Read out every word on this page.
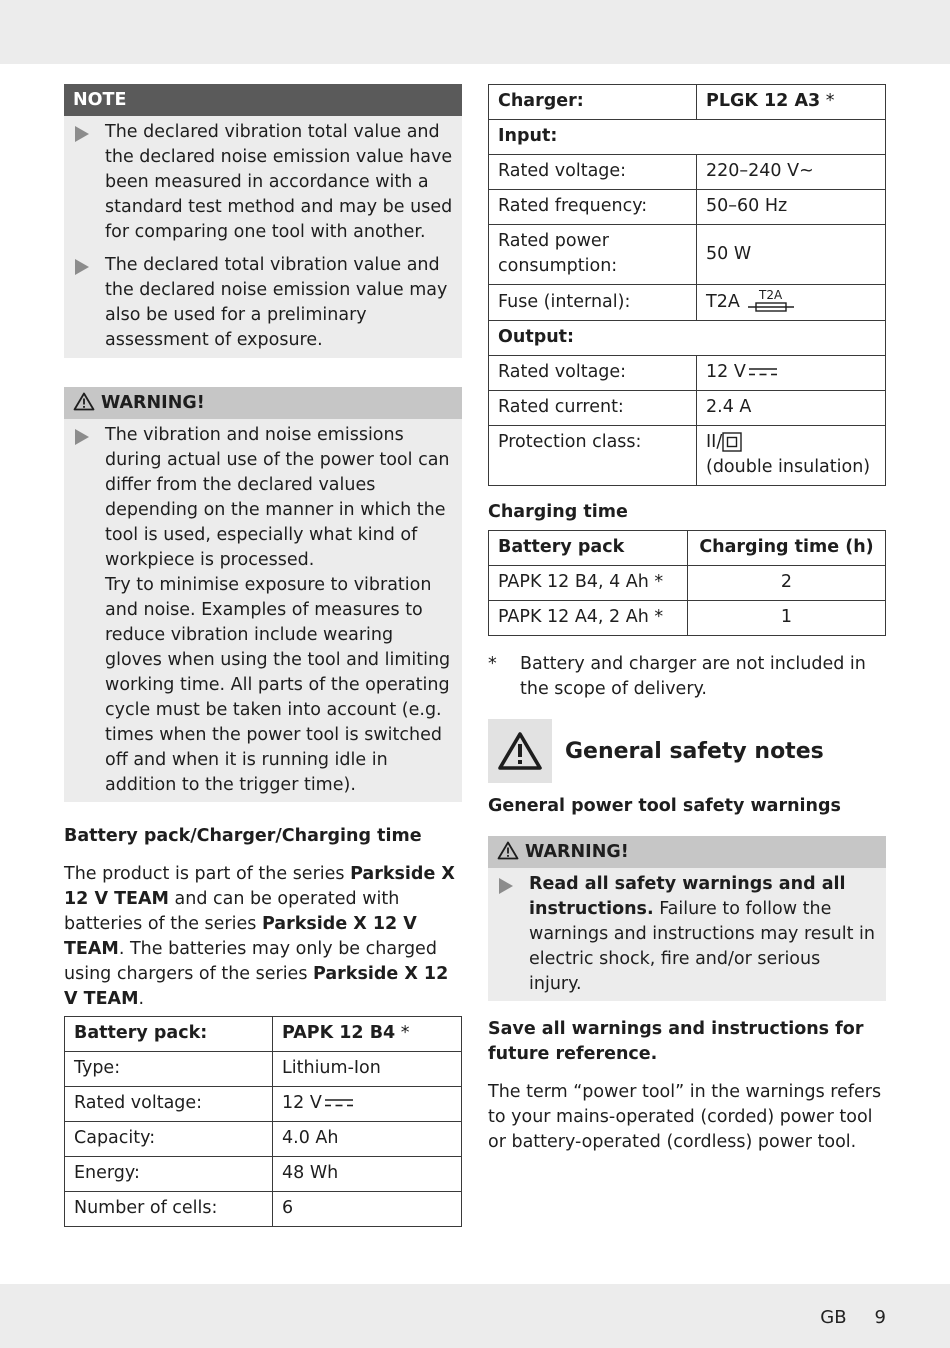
NOTE
The declared vibration total value and the declared noise emission value have been measured in accordance with a standard test method and may be used for comparing one tool with another.
The declared total vibration value and the declared noise emission value may also be used for a preliminary assessment of exposure.
WARNING!
The vibration and noise emissions during actual use of the power tool can differ from the declared values depending on the manner in which the tool is used, especially what kind of workpiece is processed.
Try to minimise exposure to vibration and noise. Examples of measures to reduce vibration include wearing gloves when using the tool and limiting working time. All parts of the operating cycle must be taken into account (e.g. times when the power tool is switched off and when it is running idle in addition to the trigger time).
Battery pack/Charger/Charging time

The product is part of the series Parkside X 12 V TEAM and can be operated with batteries of the series Parkside X 12 V TEAM. The batteries may only be charged using chargers of the series Parkside X 12 V TEAM.

Battery pack:	PAPK 12 B4 *
Type:	Lithium-Ion
Rated voltage:	12 V
Capacity:	4.0 Ah
Energy:	48 Wh
Number of cells:	6
Charger:	PLGK 12 A3 *
Input:	
Rated voltage:	220–240 V~
Rated frequency:	50–60 Hz
Rated power consumption:	50 W
Fuse (internal):	T2A T2A

Output:	
Rated voltage:	12 V
Rated current:	2.4 A
Protection class:	II/
(double insulation)
Charging time
Battery pack	Charging time (h)
PAPK 12 B4, 4 Ah *	2
PAPK 12 A4, 2 Ah *	1
* Battery and charger are not included in the scope of delivery.
General safety notes
General power tool safety warnings
WARNING!
Read all safety warnings and all instructions. Failure to follow the warnings and instructions may result in electric shock, fire and/or serious injury.
Save all warnings and instructions for future reference.

The term “power tool” in the warnings refers to your mains-operated (corded) power tool or battery-operated (cordless) power tool.

GB 9
